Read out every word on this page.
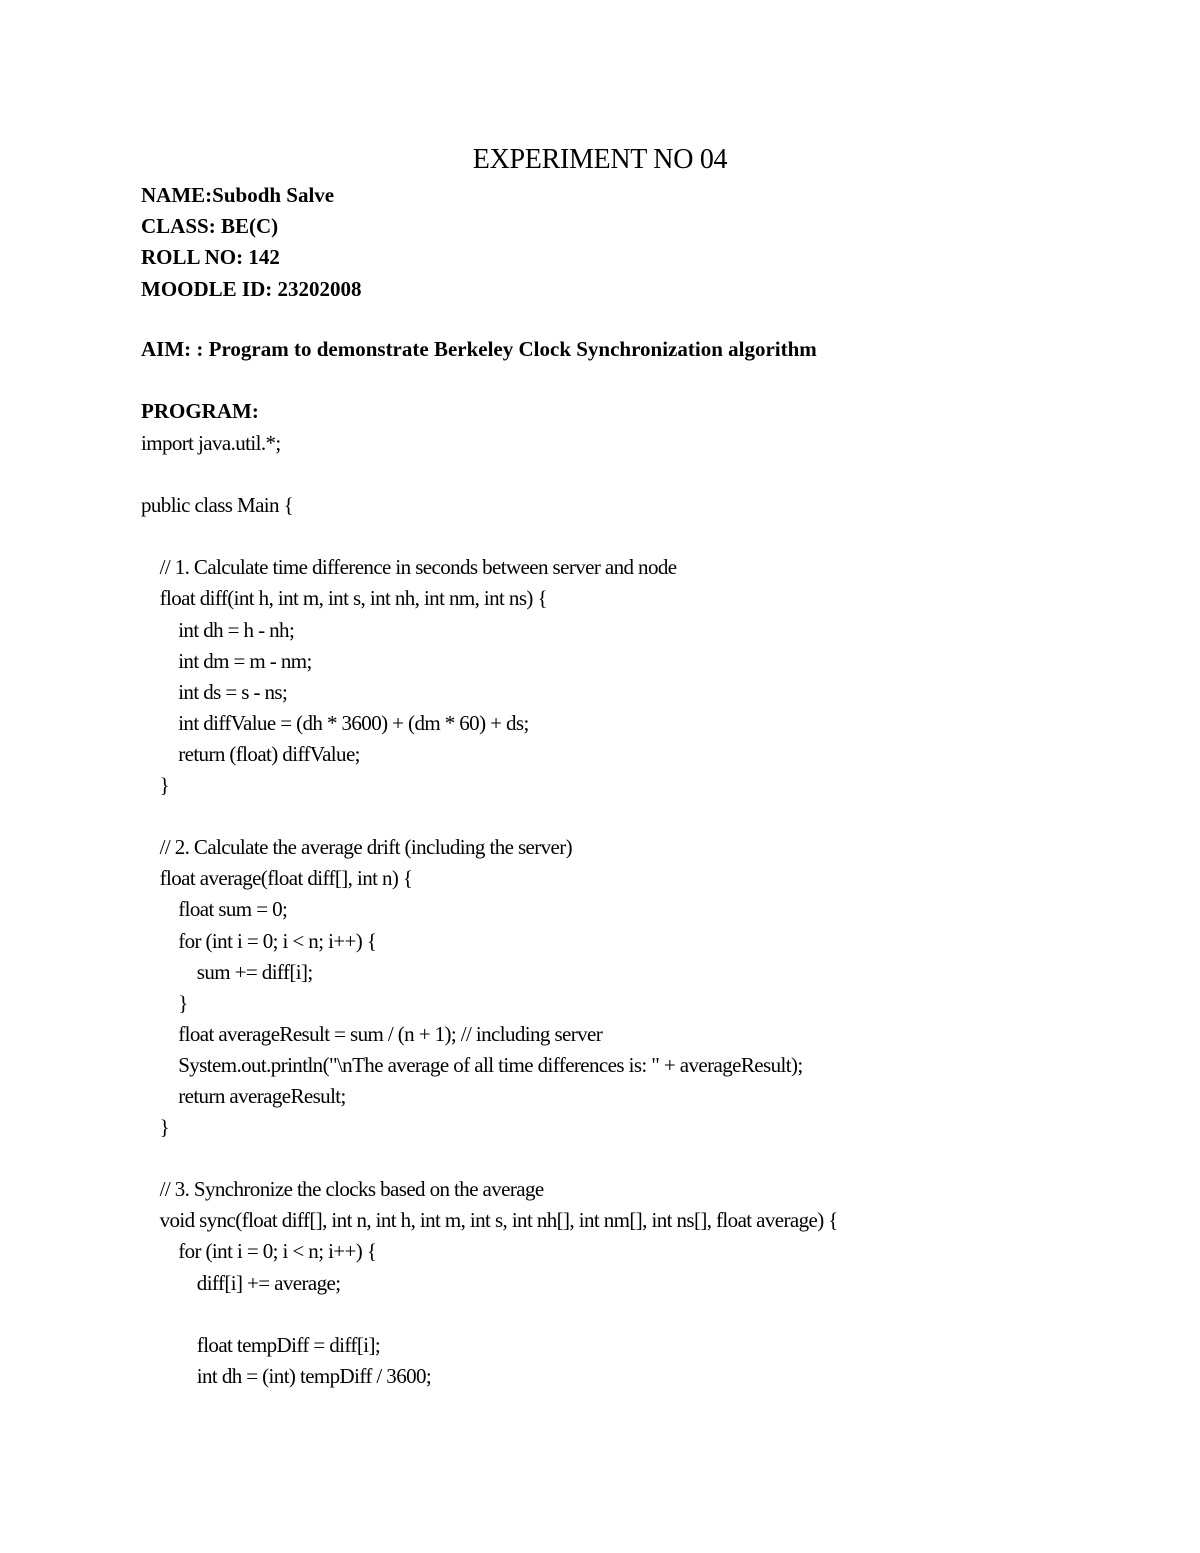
EXPERIMENT NO 04
NAME:Subodh Salve
CLASS: BE(C)
ROLL NO: 142
MOODLE ID: 23202008

AIM: : Program to demonstrate Berkeley Clock Synchronization algorithm

PROGRAM:

import java.util.*;

public class Main {

// 1. Calculate time difference in seconds between server and node
float diff(int h, int m, int s, int nh, int nm, int ns) {
int dh = h - nh;
int dm = m - nm;
int ds = s - ns;
int diffValue = (dh * 3600) + (dm * 60) + ds;
return (float) diffValue;
}

// 2. Calculate the average drift (including the server)
float average(float diff[], int n) {
float sum = 0;
for (int i = 0; i < n; i++) {
sum += diff[i];
}
float averageResult = sum / (n + 1); // including server
System.out.println("\nThe average of all time differences is: " + averageResult);
return averageResult;
}

// 3. Synchronize the clocks based on the average
void sync(float diff[], int n, int h, int m, int s, int nh[], int nm[], int ns[], float average) {
for (int i = 0; i < n; i++) {
diff[i] += average;

float tempDiff = diff[i];
int dh = (int) tempDiff / 3600;
